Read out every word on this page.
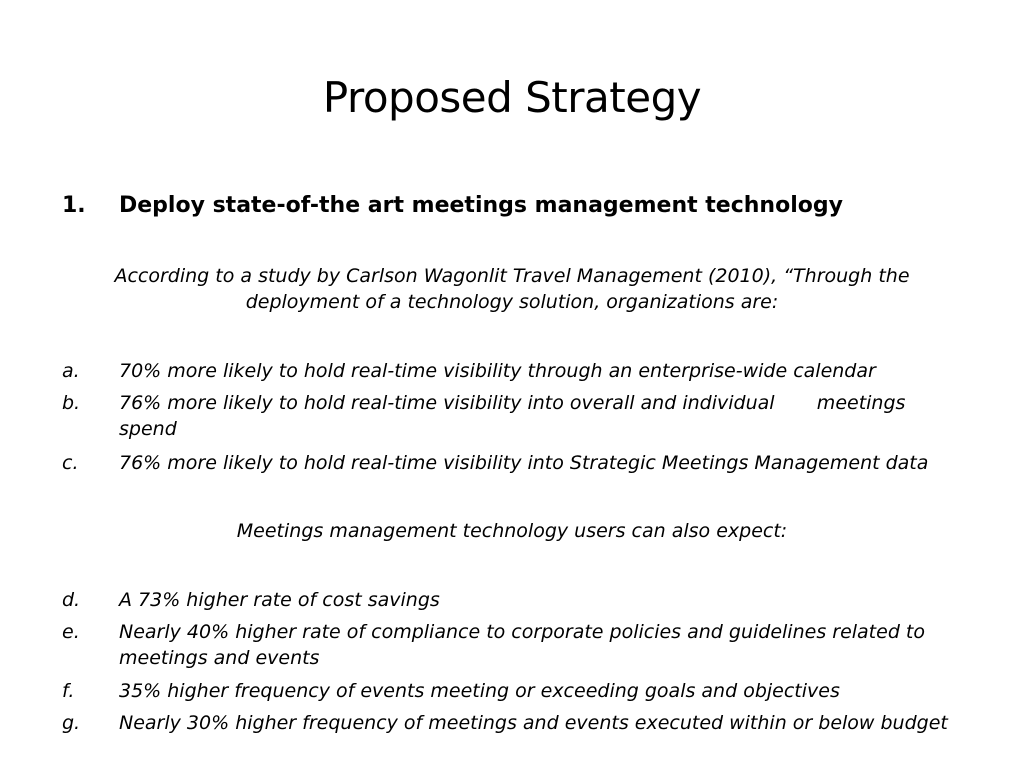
Proposed Strategy
1. Deploy state-of-the art meetings management technology
According to a study by Carlson Wagonlit Travel Management (2010), “Through the deployment of a technology solution, organizations are:
a. 70% more likely to hold real-time visibility through an enterprise-wide calendar
b. 76% more likely to hold real-time visibility into overall and individual       meetings spend
c. 76% more likely to hold real-time visibility into Strategic Meetings Management data
Meetings management technology users can also expect:
d. A 73% higher rate of cost savings
e. Nearly 40% higher rate of compliance to corporate policies and guidelines related to meetings and events
f. 35% higher frequency of events meeting or exceeding goals and objectives
g. Nearly 30% higher frequency of meetings and events executed within or below budget
